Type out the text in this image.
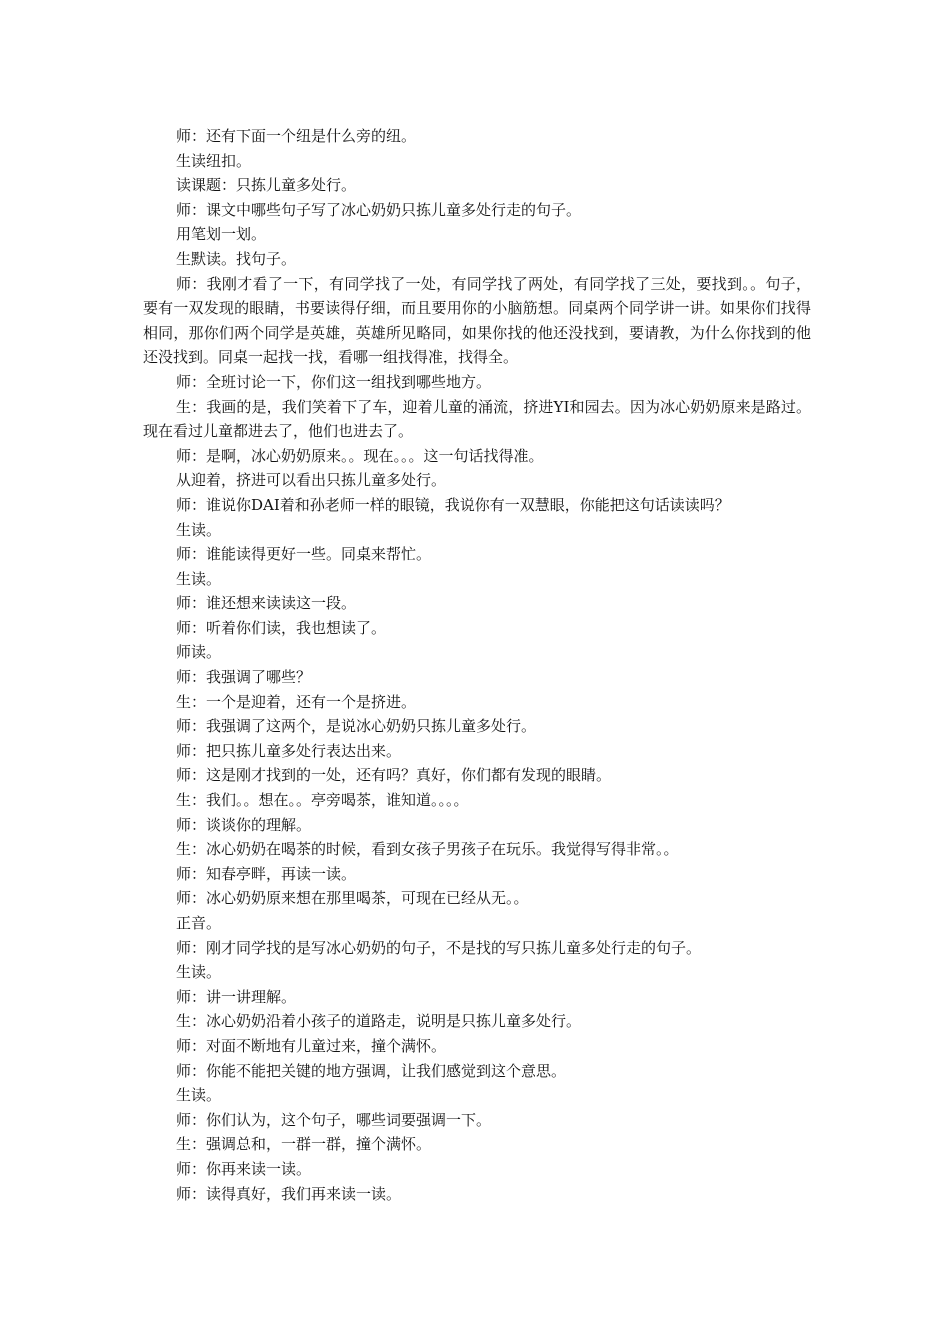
师：还有下面一个纽是什么旁的纽。

生读纽扣。

读课题：只拣儿童多处行。

师：课文中哪些句子写了冰心奶奶只拣儿童多处行走的句子。

用笔划一划。

生默读。找句子。

师：我刚才看了一下，有同学找了一处，有同学找了两处，有同学找了三处，要找到。。句子，要有一双发现的眼睛，书要读得仔细，而且要用你的小脑筋想。同桌两个同学讲一讲。如果你们找得相同，那你们两个同学是英雄，英雄所见略同，如果你找的他还没找到，要请教，为什么你找到的他还没找到。同桌一起找一找，看哪一组找得准，找得全。

师：全班讨论一下，你们这一组找到哪些地方。

生：我画的是，我们笑着下了车，迎着儿童的涌流，挤进YI和园去。因为冰心奶奶原来是路过。现在看过儿童都进去了，他们也进去了。

师：是啊，冰心奶奶原来。。现在。。。这一句话找得准。

从迎着，挤进可以看出只拣儿童多处行。

师：谁说你DAI着和孙老师一样的眼镜，我说你有一双慧眼，你能把这句话读读吗？

生读。

师：谁能读得更好一些。同桌来帮忙。

生读。

师：谁还想来读读这一段。

师：听着你们读，我也想读了。

师读。

师：我强调了哪些？

生：一个是迎着，还有一个是挤进。

师：我强调了这两个，是说冰心奶奶只拣儿童多处行。

师：把只拣儿童多处行表达出来。

师：这是刚才找到的一处，还有吗？真好，你们都有发现的眼睛。

生：我们。。想在。。亭旁喝茶，谁知道。。。。

师：谈谈你的理解。

生：冰心奶奶在喝茶的时候，看到女孩子男孩子在玩乐。我觉得写得非常。。

师：知春亭畔，再读一读。

师：冰心奶奶原来想在那里喝茶，可现在已经从无。。

正音。

师：刚才同学找的是写冰心奶奶的句子，不是找的写只拣儿童多处行走的句子。

生读。

师：讲一讲理解。

生：冰心奶奶沿着小孩子的道路走，说明是只拣儿童多处行。

师：对面不断地有儿童过来，撞个满怀。

师：你能不能把关键的地方强调，让我们感觉到这个意思。

生读。

师：你们认为，这个句子，哪些词要强调一下。

生：强调总和，一群一群，撞个满怀。

师：你再来读一读。

师：读得真好，我们再来读一读。
